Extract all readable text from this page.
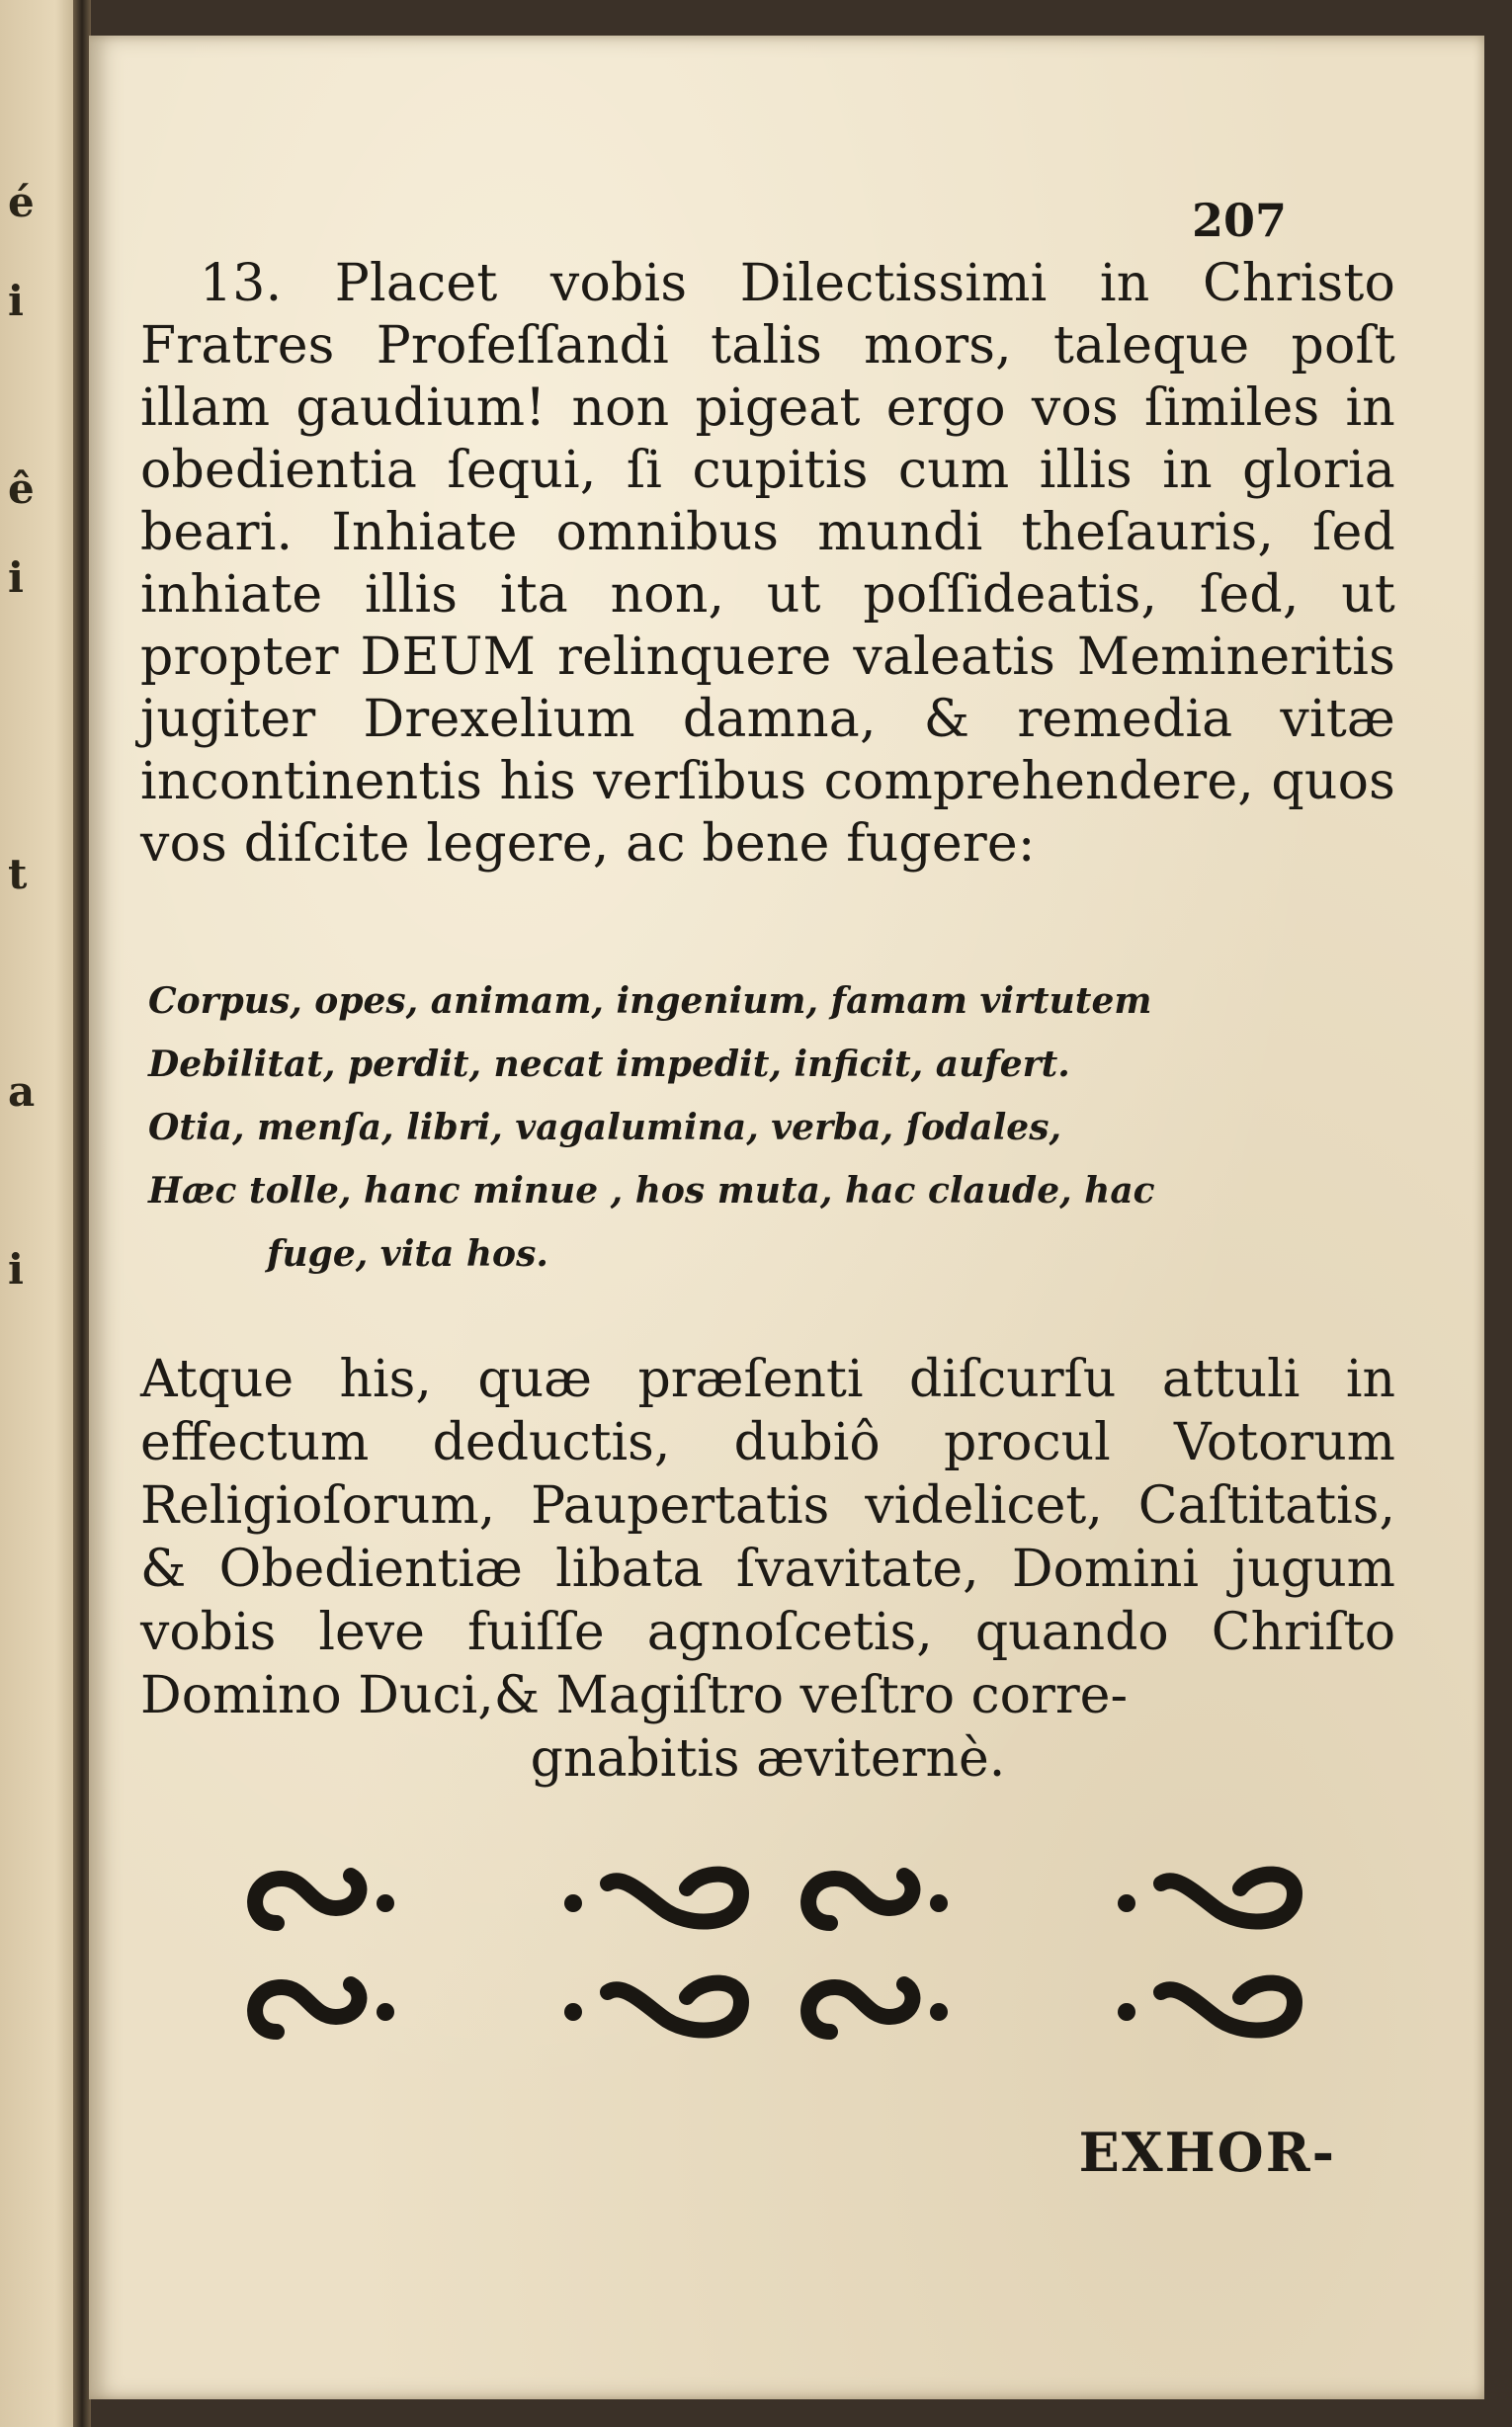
é
i
ê
i
t
a
i
207
13. Placet vobis Dilectissimi in Christo Fratres Profeſſandi talis mors, taleque poſt illam gaudium! non pigeat ergo vos ſimiles in obedientia ſequi, ſi cupitis cum illis in gloria beari. Inhiate omnibus mundi theſauris, ſed inhiate illis ita non, ut poſſideatis, ſed, ut propter DEUM relinquere valeatis Memineritis jugiter Drexelium damna, & remedia vitæ incontinentis his verſibus comprehendere, quos vos diſcite legere, ac bene fugere:
Corpus, opes, animam, ingenium, famam virtutem
Debilitat, perdit, necat impedit, inficit, aufert.
Otia, menſa, libri, vagalumina, verba, ſodales,
Hæc tolle, hanc minue , hos muta, hac claude, hac
fuge, vita hos.
Atque his, quæ præſenti diſcurſu attuli in effectum deductis, dubiô procul Votorum Religioſorum, Paupertatis videlicet, Caſtitatis, & Obedientiæ libata ſvavitate, Domini jugum vobis leve fuiſſe agnoſcetis, quando Chriſto Domino Duci,& Magiſtro veſtro corre-
gnabitis æviternè.
EXHOR-
